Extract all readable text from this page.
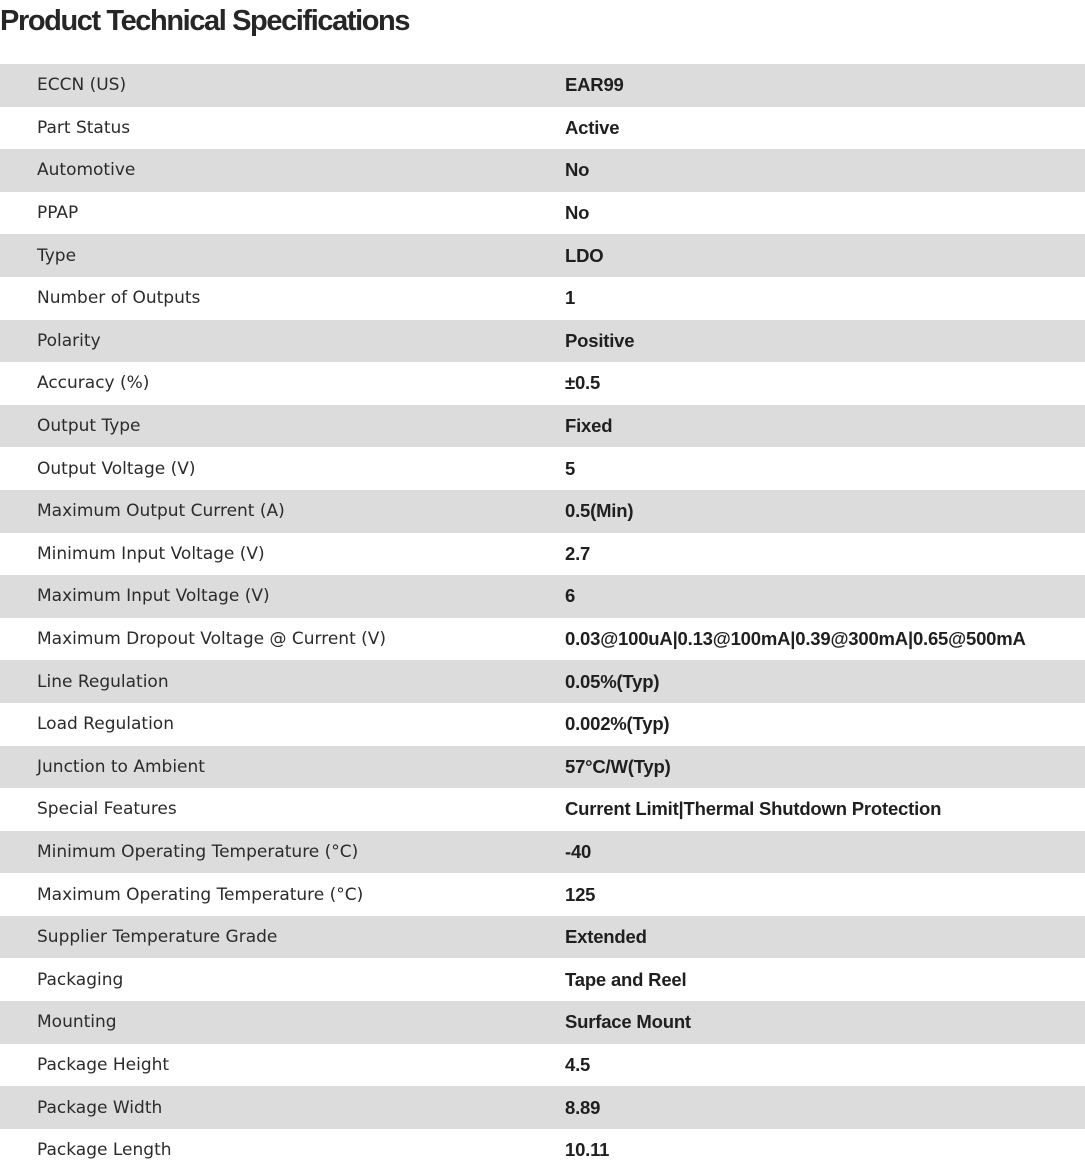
Product Technical Specifications
ECCN (US)	EAR99
Part Status	Active
Automotive	No
PPAP	No
Type	LDO
Number of Outputs	1
Polarity	Positive
Accuracy (%)	±0.5
Output Type	Fixed
Output Voltage (V)	5
Maximum Output Current (A)	0.5(Min)
Minimum Input Voltage (V)	2.7
Maximum Input Voltage (V)	6
Maximum Dropout Voltage @ Current (V)	0.03@100uA|0.13@100mA|0.39@300mA|0.65@500mA
Line Regulation	0.05%(Typ)
Load Regulation	0.002%(Typ)
Junction to Ambient	57°C/W(Typ)
Special Features	Current Limit|Thermal Shutdown Protection
Minimum Operating Temperature (°C)	-40
Maximum Operating Temperature (°C)	125
Supplier Temperature Grade	Extended
Packaging	Tape and Reel
Mounting	Surface Mount
Package Height	4.5
Package Width	8.89
Package Length	10.11
